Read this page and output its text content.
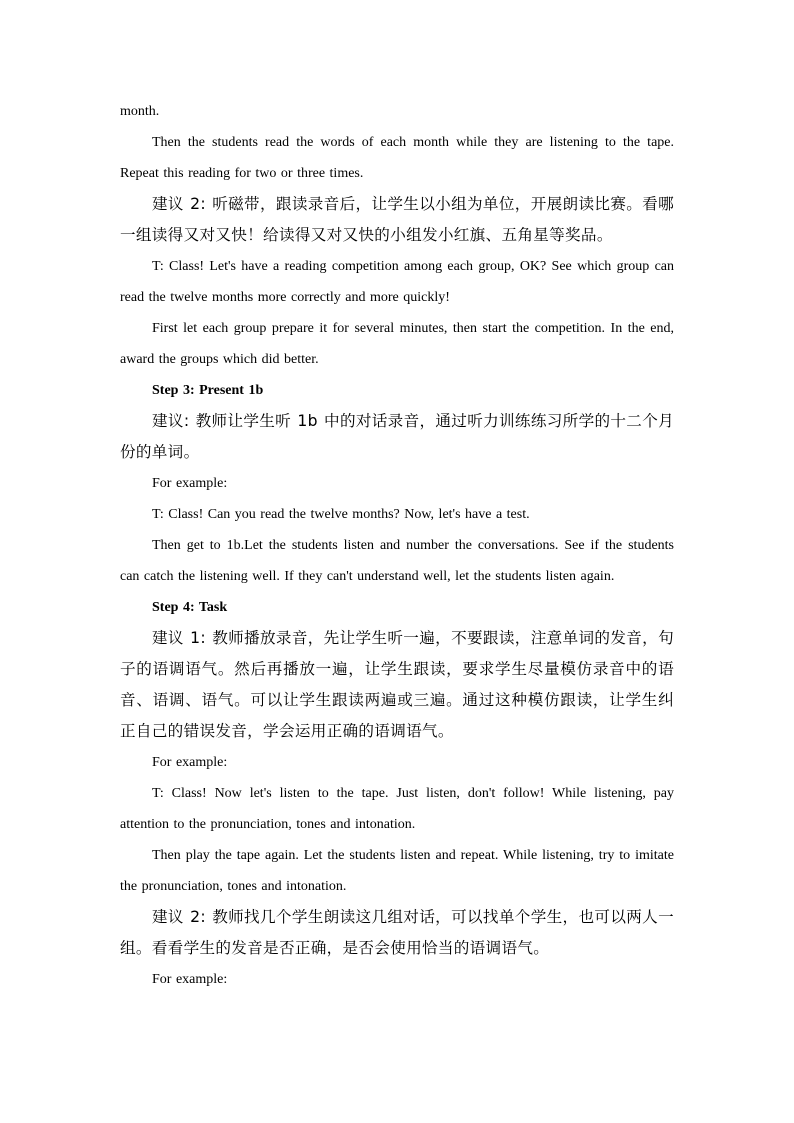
month.

Then the students read the words of each month while they are listening to the tape. Repeat this reading for two or three times.

建议 2: 听磁带，跟读录音后，让学生以小组为单位，开展朗读比赛。看哪一组读得又对又快！给读得又对又快的小组发小红旗、五角星等奖品。

T: Class! Let's have a reading competition among each group, OK? See which group can read the twelve months more correctly and more quickly!

First let each group prepare it for several minutes, then start the competition. In the end, award the groups which did better.

Step 3: Present 1b

建议: 教师让学生听 1b 中的对话录音，通过听力训练练习所学的十二个月份的单词。

For example:

T: Class! Can you read the twelve months? Now, let's have a test.

Then get to 1b.Let the students listen and number the conversations. See if the students can catch the listening well. If they can't understand well, let the students listen again.

Step 4: Task

建议 1: 教师播放录音，先让学生听一遍，不要跟读，注意单词的发音，句子的语调语气。然后再播放一遍，让学生跟读，要求学生尽量模仿录音中的语音、语调、语气。可以让学生跟读两遍或三遍。通过这种模仿跟读，让学生纠正自己的错误发音，学会运用正确的语调语气。

For example:

T: Class! Now let's listen to the tape. Just listen, don't follow! While listening, pay attention to the pronunciation, tones and intonation.

Then play the tape again. Let the students listen and repeat. While listening, try to imitate the pronunciation, tones and intonation.

建议 2: 教师找几个学生朗读这几组对话，可以找单个学生，也可以两人一组。看看学生的发音是否正确，是否会使用恰当的语调语气。

For example:
